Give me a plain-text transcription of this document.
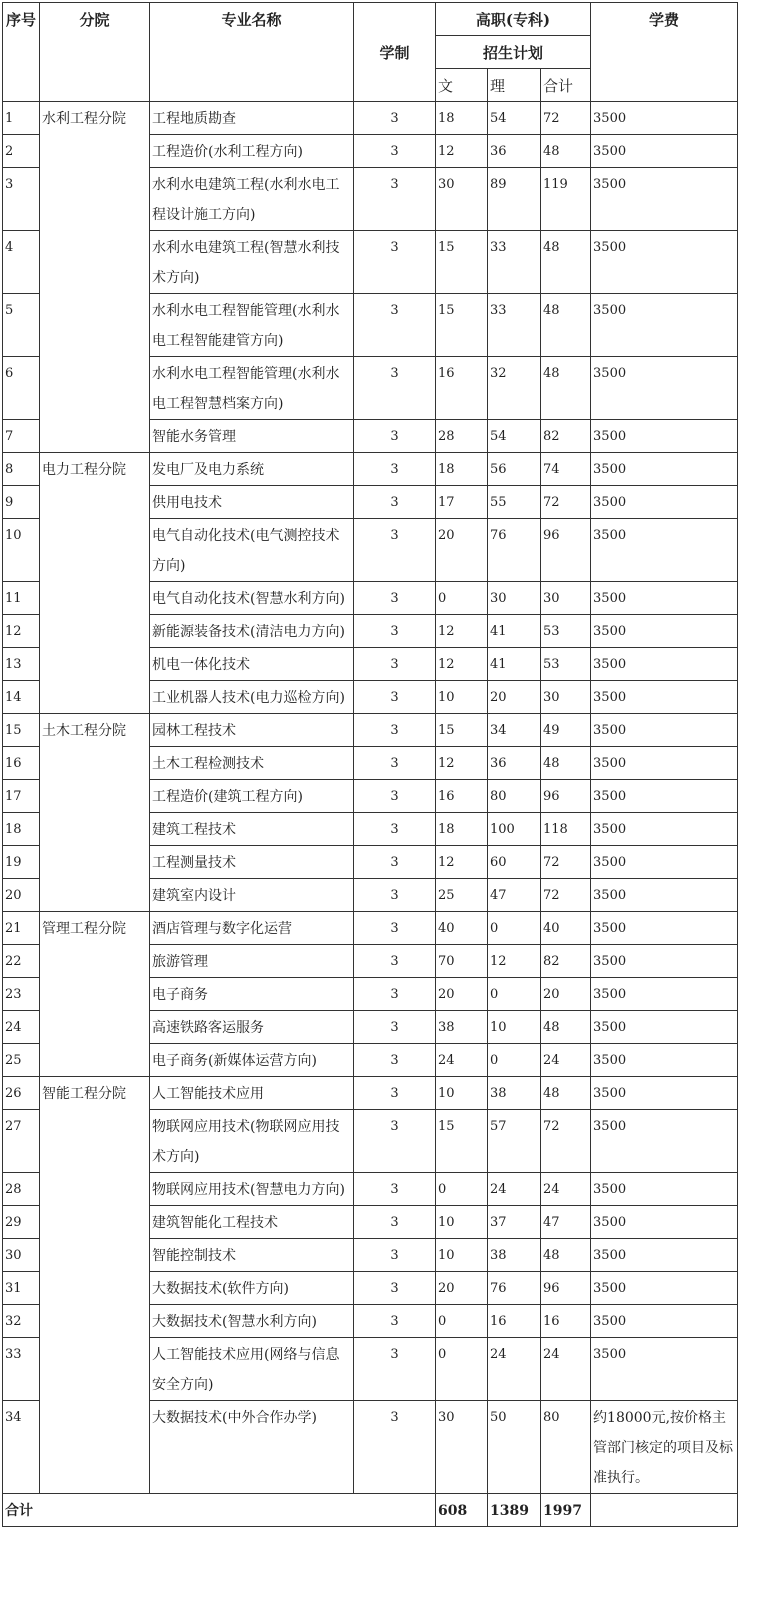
序号	分院	专业名称	学制	高职(专科)			学费
				招生计划			
				文	理	合计	
1	水利工程分院	工程地质勘查	3	18	54	72	3500
2		工程造价(水利工程方向)	3	12	36	48	3500
3		水利水电建筑工程(水利水电工程设计施工方向)	3	30	89	119	3500
4		水利水电建筑工程(智慧水利技术方向)	3	15	33	48	3500
5		水利水电工程智能管理(水利水电工程智能建管方向)	3	15	33	48	3500
6		水利水电工程智能管理(水利水电工程智慧档案方向)	3	16	32	48	3500
7		智能水务管理	3	28	54	82	3500
8	电力工程分院	发电厂及电力系统	3	18	56	74	3500
9		供用电技术	3	17	55	72	3500
10		电气自动化技术(电气测控技术方向)	3	20	76	96	3500
11		电气自动化技术(智慧水利方向)	3	0	30	30	3500
12		新能源装备技术(清洁电力方向)	3	12	41	53	3500
13		机电一体化技术	3	12	41	53	3500
14		工业机器人技术(电力巡检方向)	3	10	20	30	3500
15	土木工程分院	园林工程技术	3	15	34	49	3500
16		土木工程检测技术	3	12	36	48	3500
17		工程造价(建筑工程方向)	3	16	80	96	3500
18		建筑工程技术	3	18	100	118	3500
19		工程测量技术	3	12	60	72	3500
20		建筑室内设计	3	25	47	72	3500
21	管理工程分院	酒店管理与数字化运营	3	40	0	40	3500
22		旅游管理	3	70	12	82	3500
23		电子商务	3	20	0	20	3500
24		高速铁路客运服务	3	38	10	48	3500
25		电子商务(新媒体运营方向)	3	24	0	24	3500
26	智能工程分院	人工智能技术应用	3	10	38	48	3500
27		物联网应用技术(物联网应用技术方向)	3	15	57	72	3500
28		物联网应用技术(智慧电力方向)	3	0	24	24	3500
29		建筑智能化工程技术	3	10	37	47	3500
30		智能控制技术	3	10	38	48	3500
31		大数据技术(软件方向)	3	20	76	96	3500
32		大数据技术(智慧水利方向)	3	0	16	16	3500
33		人工智能技术应用(网络与信息安全方向)	3	0	24	24	3500
34		大数据技术(中外合作办学)	3	30	50	80	约18000元,按价格主管部门核定的项目及标准执行。
合计				608	1389	1997	
